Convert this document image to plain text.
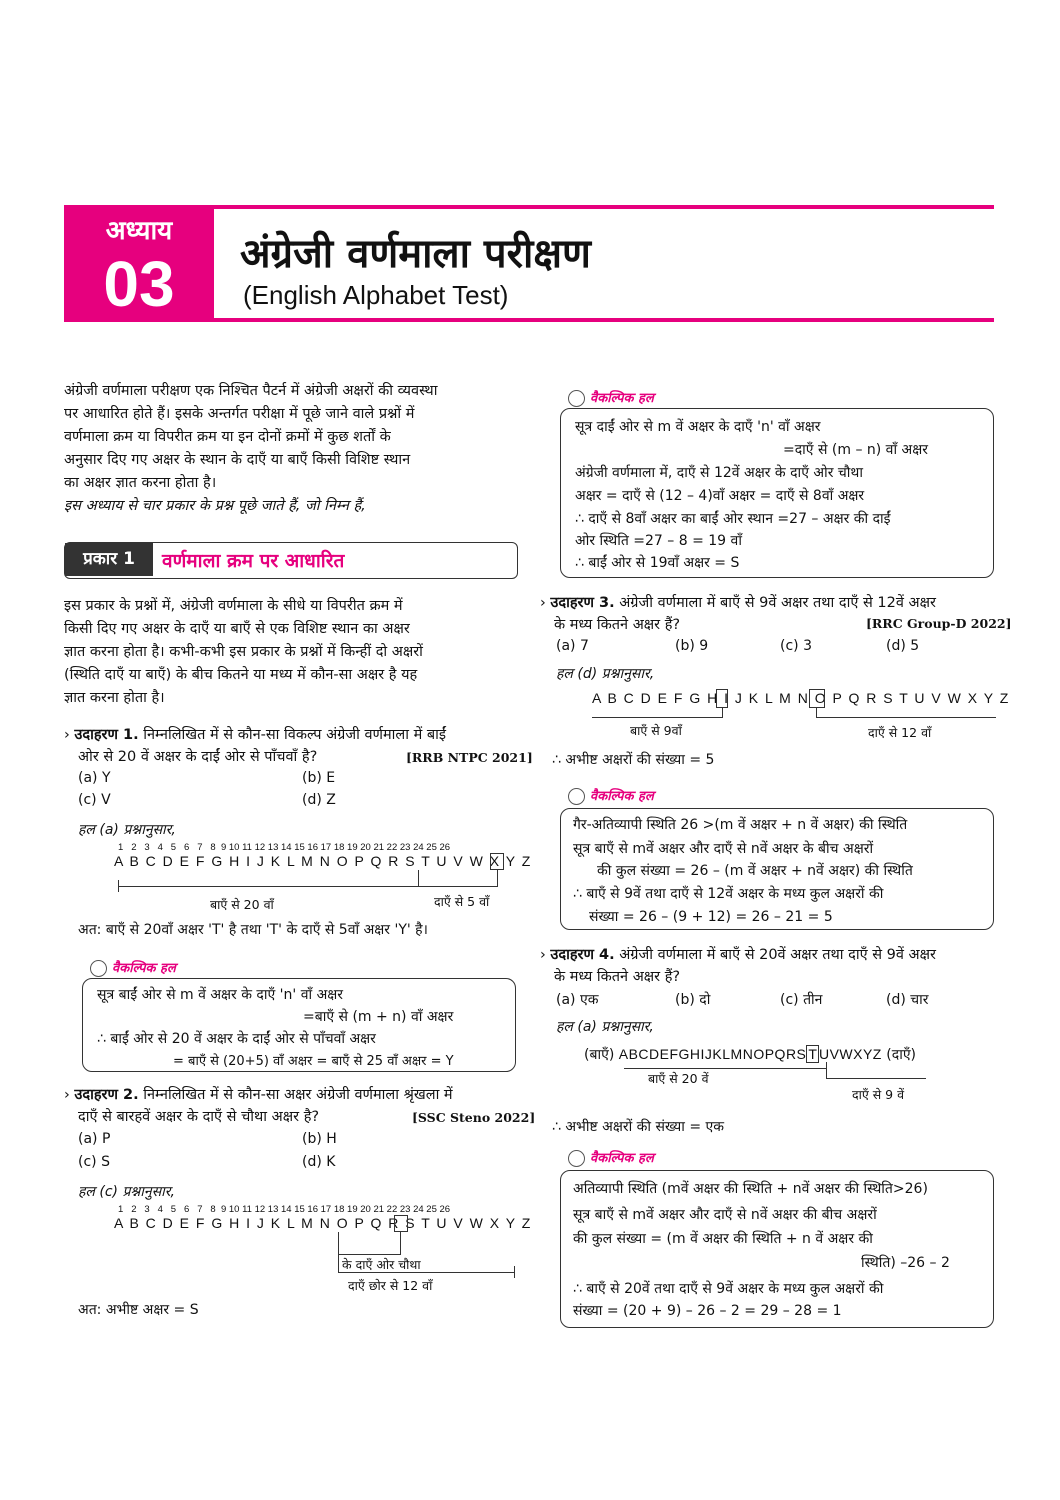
अध्याय
03	अंग्रेजी वर्णमाला परीक्षण
(English Alphabet Test)
अंग्रेजी वर्णमाला परीक्षण एक निश्चित पैटर्न में अंग्रेजी अक्षरों की व्यवस्था
पर आधारित होते हैं। इसके अन्तर्गत परीक्षा में पूछे जाने वाले प्रश्नों में
वर्णमाला क्रम या विपरीत क्रम या इन दोनों क्रमों में कुछ शर्तों के
अनुसार दिए गए अक्षर के स्थान के दाएँ या बाएँ किसी विशिष्ट स्थान
का अक्षर ज्ञात करना होता है।
इस अध्याय से चार प्रकार के प्रश्न पूछे जाते हैं, जो निम्न हैं,
प्रकार 1	वर्णमाला क्रम पर आधारित
इस प्रकार के प्रश्नों में, अंग्रेजी वर्णमाला के सीधे या विपरीत क्रम में
किसी दिए गए अक्षर के दाएँ या बाएँ से एक विशिष्ट स्थान का अक्षर
ज्ञात करना होता है। कभी-कभी इस प्रकार के प्रश्नों में किन्हीं दो अक्षरों
(स्थिति दाएँ या बाएँ) के बीच कितने या मध्य में कौन-सा अक्षर है यह
ज्ञात करना होता है।
› उदाहरण 1. निम्नलिखित में से कौन-सा विकल्प अंग्रेजी वर्णमाला में बाईं
ओर से 20 वें अक्षर के दाईं ओर से पाँचवाँ है?	[RRB NTPC 2021]
(a) Y	(b) E
(c) V	(d) Z
हल (a) प्रश्नानुसार,
1   2   3   4   5   6   7   8  9 10 11 12 13 14 15 16 17 18 19 20 21 22 23 24 25 26
A B C D E F G H I J K L M N O P Q R S T U V W X Y Z
बाएँ से 20 वाँ	दाएँ से 5 वाँ
अत: बाएँ से 20वाँ अक्षर 'T' है तथा 'T' के दाएँ से 5वाँ अक्षर 'Y' है।
वैकल्पिक हल
सूत्र बाईं ओर से m वें अक्षर के दाएँ 'n' वाँ अक्षर
=बाएँ से (m + n) वाँ अक्षर
∴ बाईं ओर से 20 वें अक्षर के दाईं ओर से पाँचवाँ अक्षर
= बाएँ से (20+5) वाँ अक्षर = बाएँ से 25 वाँ अक्षर = Y
› उदाहरण 2. निम्नलिखित में से कौन-सा अक्षर अंग्रेजी वर्णमाला श्रृंखला में
दाएँ से बारहवें अक्षर के दाएँ से चौथा अक्षर है?	[SSC Steno 2022]
(a) P	(b) H
(c) S	(d) K
हल (c) प्रश्नानुसार,
1   2   3   4   5   6   7   8  9 10 11 12 13 14 15 16 17 18 19 20 21 22 23 24 25 26
A B C D E F G H I J K L M N O P Q R S T U V W X Y Z
के दाएँ ओर चौथा
दाएँ छोर से 12 वाँ
अत: अभीष्ट अक्षर = S
वैकल्पिक हल
सूत्र दाईं ओर से m वें अक्षर के दाएँ 'n' वाँ अक्षर
=दाएँ से (m – n) वाँ अक्षर
अंग्रेजी वर्णमाला में, दाएँ से 12वें अक्षर के दाएँ ओर चौथा
अक्षर = दाएँ से (12 – 4)वाँ अक्षर = दाएँ से 8वाँ अक्षर
∴ दाएँ से 8वाँ अक्षर का बाईं ओर स्थान =27 – अक्षर की दाईं
ओर स्थिति =27 – 8 = 19 वाँ
∴ बाईं ओर से 19वाँ अक्षर = S
› उदाहरण 3. अंग्रेजी वर्णमाला में बाएँ से 9वें अक्षर तथा दाएँ से 12वें अक्षर
के मध्य कितने अक्षर हैं?	[RRC Group-D 2022]
(a) 7	(b) 9	(c) 3	(d) 5
हल (d) प्रश्नानुसार,
A B C D E F G H I J K L M N O P Q R S T U V W X Y Z
बाएँ से 9वाँ	दाएँ से 12 वाँ
∴ अभीष्ट अक्षरों की संख्या = 5
वैकल्पिक हल
गैर-अतिव्यापी स्थिति 26 >(m वें अक्षर + n वें अक्षर) की स्थिति
सूत्र बाएँ से mवें अक्षर और दाएँ से nवें अक्षर के बीच अक्षरों
की कुल संख्या = 26 – (m वें अक्षर + nवें अक्षर) की स्थिति
∴ बाएँ से 9वें तथा दाएँ से 12वें अक्षर के मध्य कुल अक्षरों की
संख्या = 26 – (9 + 12) = 26 – 21 = 5
› उदाहरण 4. अंग्रेजी वर्णमाला में बाएँ से 20वें अक्षर तथा दाएँ से 9वें अक्षर
के मध्य कितने अक्षर हैं?
(a) एक	(b) दो	(c) तीन	(d) चार
हल (a) प्रश्नानुसार,
(बाएँ) ABCDEFGHIJKLMNOPQRS T UVWXYZ (दाएँ)
बाएँ से 20 वें
दाएँ से 9 वें
∴ अभीष्ट अक्षरों की संख्या = एक
वैकल्पिक हल
अतिव्यापी स्थिति (mवें अक्षर की स्थिति + nवें अक्षर की स्थिति>26)
सूत्र बाएँ से mवें अक्षर और दाएँ से nवें अक्षर की बीच अक्षरों
की कुल संख्या = (m वें अक्षर की स्थिति + n वें अक्षर की
स्थिति) –26 – 2
∴ बाएँ से 20वें तथा दाएँ से 9वें अक्षर के मध्य कुल अक्षरों की
संख्या = (20 + 9) – 26 – 2 = 29 – 28 = 1
